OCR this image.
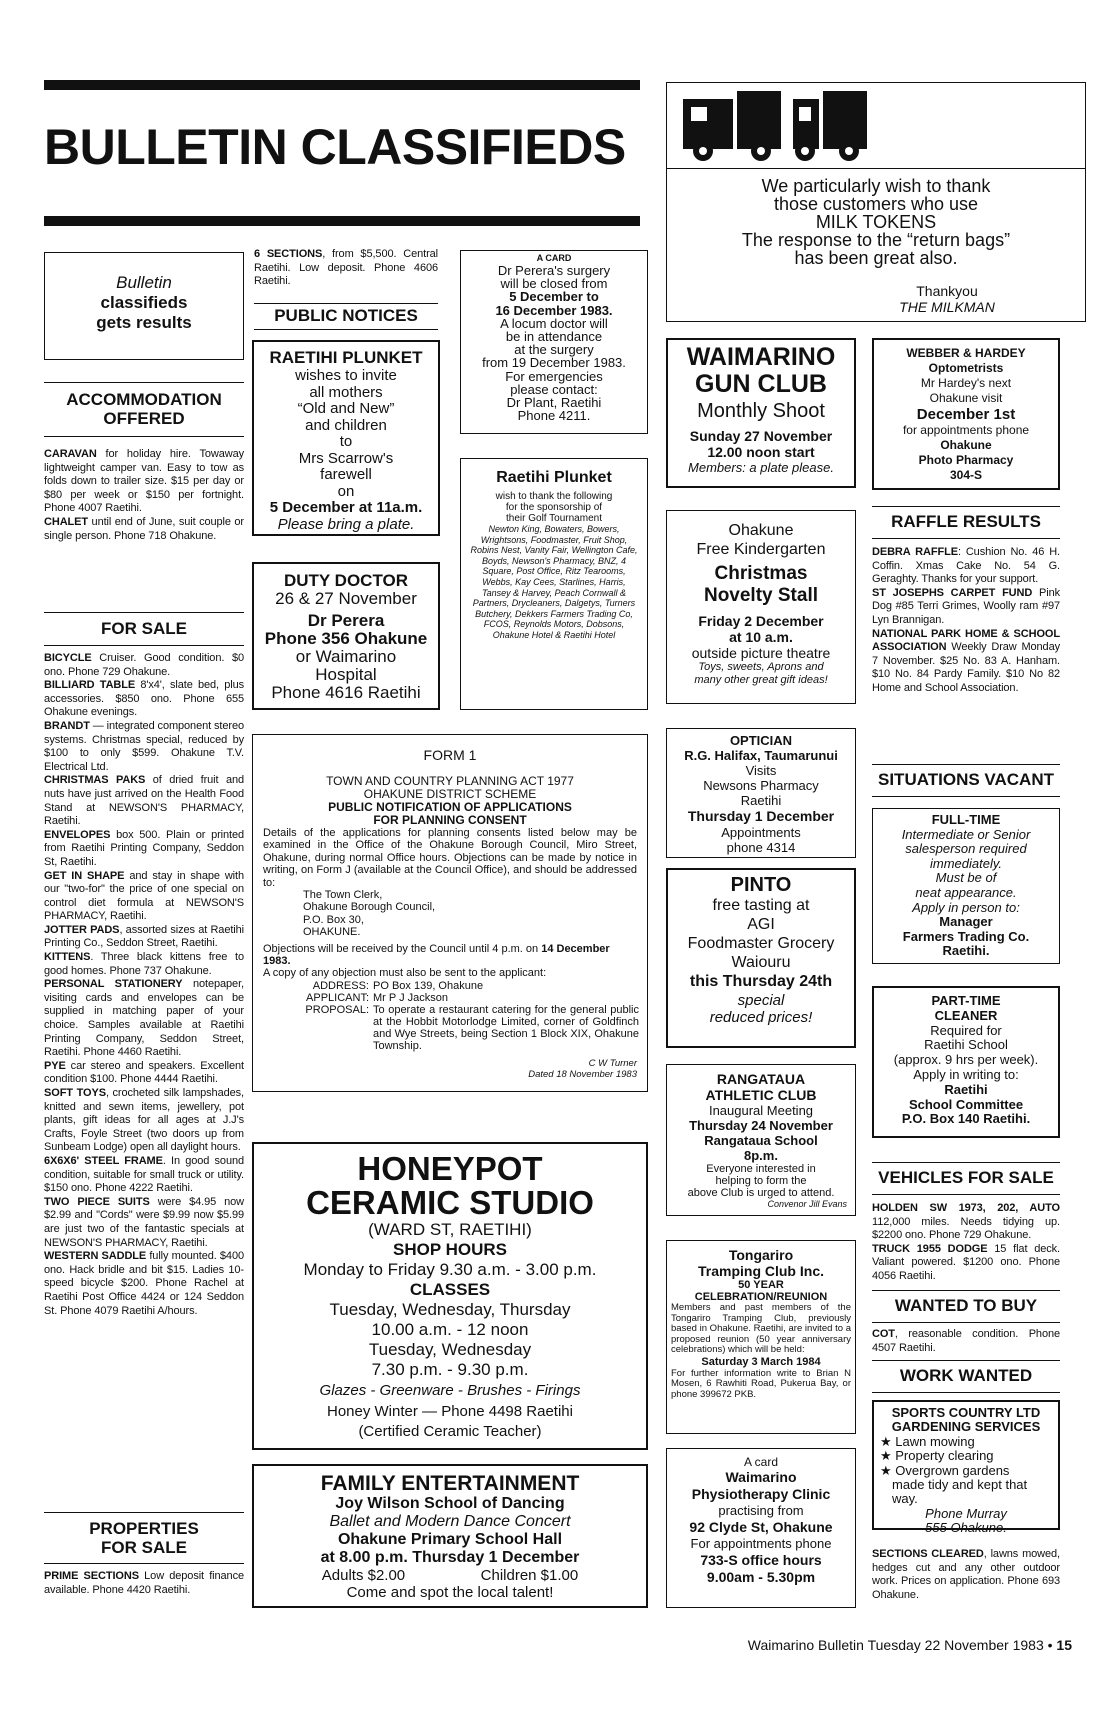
BULLETIN CLASSIFIEDS

We particularly wish to thank

those customers who use

MILK TOKENS

The response to the “return bags”

has been great also.

Thankyou

THE MILKMAN

Bulletin

classifieds

gets results

ACCOMMODATION
OFFERED

CARAVAN for holiday hire. Towaway lightweight camper van. Easy to tow as folds down to trailer size. $15 per day or $80 per week or $150 per fortnight. Phone 4007 Raetihi.

CHALET until end of June, suit couple or single person. Phone 718 Ohakune.

FOR SALE

BICYCLE Cruiser. Good condition. $0 ono. Phone 729 Ohakune.

BILLIARD TABLE 8'x4', slate bed, plus accessories. $850 ono. Phone 655 Ohakune evenings.

BRANDT — integrated component stereo systems. Christmas special, reduced by $100 to only $599. Ohakune T.V. Electrical Ltd.

CHRISTMAS PAKS of dried fruit and nuts have just arrived on the Health Food Stand at NEWSON'S PHARMACY, Raetihi.

ENVELOPES box 500. Plain or printed from Raetihi Printing Company, Seddon St, Raetihi.

GET IN SHAPE and stay in shape with our "two-for" the price of one special on control diet formula at NEWSON'S PHARMACY, Raetihi.

JOTTER PADS, assorted sizes at Raetihi Printing Co., Seddon Street, Raetihi.

KITTENS. Three black kittens free to good homes. Phone 737 Ohakune.

PERSONAL STATIONERY notepaper, visiting cards and envelopes can be supplied in matching paper of your choice. Samples available at Raetihi Printing Company, Seddon Street, Raetihi. Phone 4460 Raetihi.

PYE car stereo and speakers. Excellent condition $100. Phone 4444 Raetihi.

SOFT TOYS, crocheted silk lampshades, knitted and sewn items, jewellery, pot plants, gift ideas for all ages at J.J's Crafts, Foyle Street (two doors up from Sunbeam Lodge) open all daylight hours.

6X6X6' STEEL FRAME. In good sound condition, suitable for small truck or utility. $150 ono. Phone 4222 Raetihi.

TWO PIECE SUITS were $4.95 now $2.99 and "Cords" were $9.99 now $5.99 are just two of the fantastic specials at NEWSON'S PHARMACY, Raetihi.

WESTERN SADDLE fully mounted. $400 ono. Hack bridle and bit $15. Ladies 10-speed bicycle $200. Phone Rachel at Raetihi Post Office 4424 or 124 Seddon St. Phone 4079 Raetihi A/hours.

PROPERTIES
FOR SALE

PRIME SECTIONS Low deposit finance available. Phone 4420 Raetihi.

6 SECTIONS, from $5,500. Central Raetihi. Low deposit. Phone 4606 Raetihi.

PUBLIC NOTICES

RAETIHI PLUNKET

wishes to invite

all mothers

“Old and New”

and children

to

Mrs Scarrow's

farewell

on

5 December at 11a.m.

Please bring a plate.

DUTY DOCTOR

26 & 27 November

Dr Perera

Phone 356 Ohakune

or Waimarino

Hospital

Phone 4616 Raetihi

A CARD

Dr Perera's surgery

will be closed from

5 December to

16 December 1983.

A locum doctor will

be in attendance

at the surgery

from 19 December 1983.

For emergencies

please contact:

Dr Plant, Raetihi

Phone 4211.

Raetihi Plunket

wish to thank the following

for the sponsorship of

their Golf Tournament

Newton King, Bowaters, Bowers, Wrightsons, Foodmaster, Fruit Shop, Robins Nest, Vanity Fair, Wellington Cafe, Boyds, Newson's Pharmacy, BNZ, 4 Square, Post Office, Ritz Tearooms, Webbs, Kay Cees, Starlines, Harris, Tansey & Harvey, Peach Cornwall & Partners, Drycleaners, Dalgetys, Turners Butchery, Dekkers Farmers Trading Co, FCOS, Reynolds Motors, Dobsons, Ohakune Hotel & Raetihi Hotel

FORM 1

TOWN AND COUNTRY PLANNING ACT 1977

OHAKUNE DISTRICT SCHEME

PUBLIC NOTIFICATION OF APPLICATIONS

FOR PLANNING CONSENT

Details of the applications for planning consents listed below may be examined in the Office of the Ohakune Borough Council, Miro Street, Ohakune, during normal Office hours. Objections can be made by notice in writing, on Form J (available at the Council Office), and should be addressed to:

The Town Clerk,

Ohakune Borough Council,

P.O. Box 30,

OHAKUNE.

Objections will be received by the Council until 4 p.m. on 14 December 1983.

A copy of any objection must also be sent to the applicant:

ADDRESS:	PO Box 139, Ohakune
APPLICANT:	Mr P J Jackson
PROPOSAL:	To operate a restaurant catering for the general public at the Hobbit Motorlodge Limited, corner of Goldfinch and Wye Streets, being Section 1 Block XIX, Ohakune Township.

C W Turner

Dated 18 November 1983

HONEYPOT

CERAMIC STUDIO

(WARD ST, RAETIHI)

SHOP HOURS

Monday to Friday 9.30 a.m. - 3.00 p.m.

CLASSES

Tuesday, Wednesday, Thursday

10.00 a.m. - 12 noon

Tuesday, Wednesday

7.30 p.m. - 9.30 p.m.

Glazes - Greenware - Brushes - Firings

Honey Winter — Phone 4498 Raetihi

(Certified Ceramic Teacher)

FAMILY ENTERTAINMENT

Joy Wilson School of Dancing

Ballet and Modern Dance Concert

Ohakune Primary School Hall

at 8.00 p.m. Thursday 1 December

Adults $2.00	Children $1.00

Come and spot the local talent!

WAIMARINO

GUN CLUB

Monthly Shoot

Sunday 27 November

12.00 noon start

Members: a plate please.

Ohakune

Free Kindergarten

Christmas

Novelty Stall

Friday 2 December

at 10 a.m.

outside picture theatre

Toys, sweets, Aprons and

many other great gift ideas!

OPTICIAN

R.G. Halifax, Taumarunui

Visits

Newsons Pharmacy

Raetihi

Thursday 1 December

Appointments

phone 4314

PINTO

free tasting at

AGI

Foodmaster Grocery

Waiouru

this Thursday 24th

special

reduced prices!

RANGATAUA

ATHLETIC CLUB

Inaugural Meeting

Thursday 24 November

Rangataua School

8p.m.

Everyone interested in

helping to form the

above Club is urged to attend.

Convenor Jill Evans

Tongariro

Tramping Club Inc.

50 YEAR

CELEBRATION/REUNION

Members and past members of the Tongariro Tramping Club, previously based in Ohakune. Raetihi, are invited to a proposed reunion (50 year anniversary celebrations) which will be held:

Saturday 3 March 1984

For further information write to Brian N Mosen, 6 Rawhiti Road, Pukerua Bay, or phone 399672 PKB.

A card

Waimarino

Physiotherapy Clinic

practising from

92 Clyde St, Ohakune

For appointments phone

733-S office hours

9.00am - 5.30pm

WEBBER & HARDEY

Optometrists

Mr Hardey's next

Ohakune visit

December 1st

for appointments phone

Ohakune

Photo Pharmacy

304-S

RAFFLE RESULTS

DEBRA RAFFLE: Cushion No. 46 H. Coffin. Xmas Cake No. 54 G. Geraghty. Thanks for your support.

ST JOSEPHS CARPET FUND Pink Dog #85 Terri Grimes, Woolly ram #97 Lyn Brannigan.

NATIONAL PARK HOME & SCHOOL ASSOCIATION Weekly Draw Monday 7 November. $25 No. 83 A. Hanham. $10 No. 84 Pardy Family. $10 No 82 Home and School Association.

SITUATIONS VACANT

FULL-TIME

Intermediate or Senior

salesperson required

immediately.

Must be of

neat appearance.

Apply in person to:

Manager

Farmers Trading Co.

Raetihi.

PART-TIME

CLEANER

Required for

Raetihi School

(approx. 9 hrs per week).

Apply in writing to:

Raetihi

School Committee

P.O. Box 140 Raetihi.

VEHICLES FOR SALE

HOLDEN SW 1973, 202, AUTO 112,000 miles. Needs tidying up. $2200 ono. Phone 729 Ohakune.

TRUCK 1955 DODGE 15 flat deck. Valiant powered. $1200 ono. Phone 4056 Raetihi.

WANTED TO BUY

COT, reasonable condition. Phone 4507 Raetihi.

WORK WANTED

SPORTS COUNTRY LTD

GARDENING SERVICES

★ Lawn mowing

★ Property clearing

★ Overgrown gardens

made tidy and kept that

way.

Phone Murray

555 Ohakune.

SECTIONS CLEARED, lawns mowed, hedges cut and any other outdoor work. Prices on application. Phone 693 Ohakune.

Waimarino Bulletin Tuesday 22 November 1983 • 15
